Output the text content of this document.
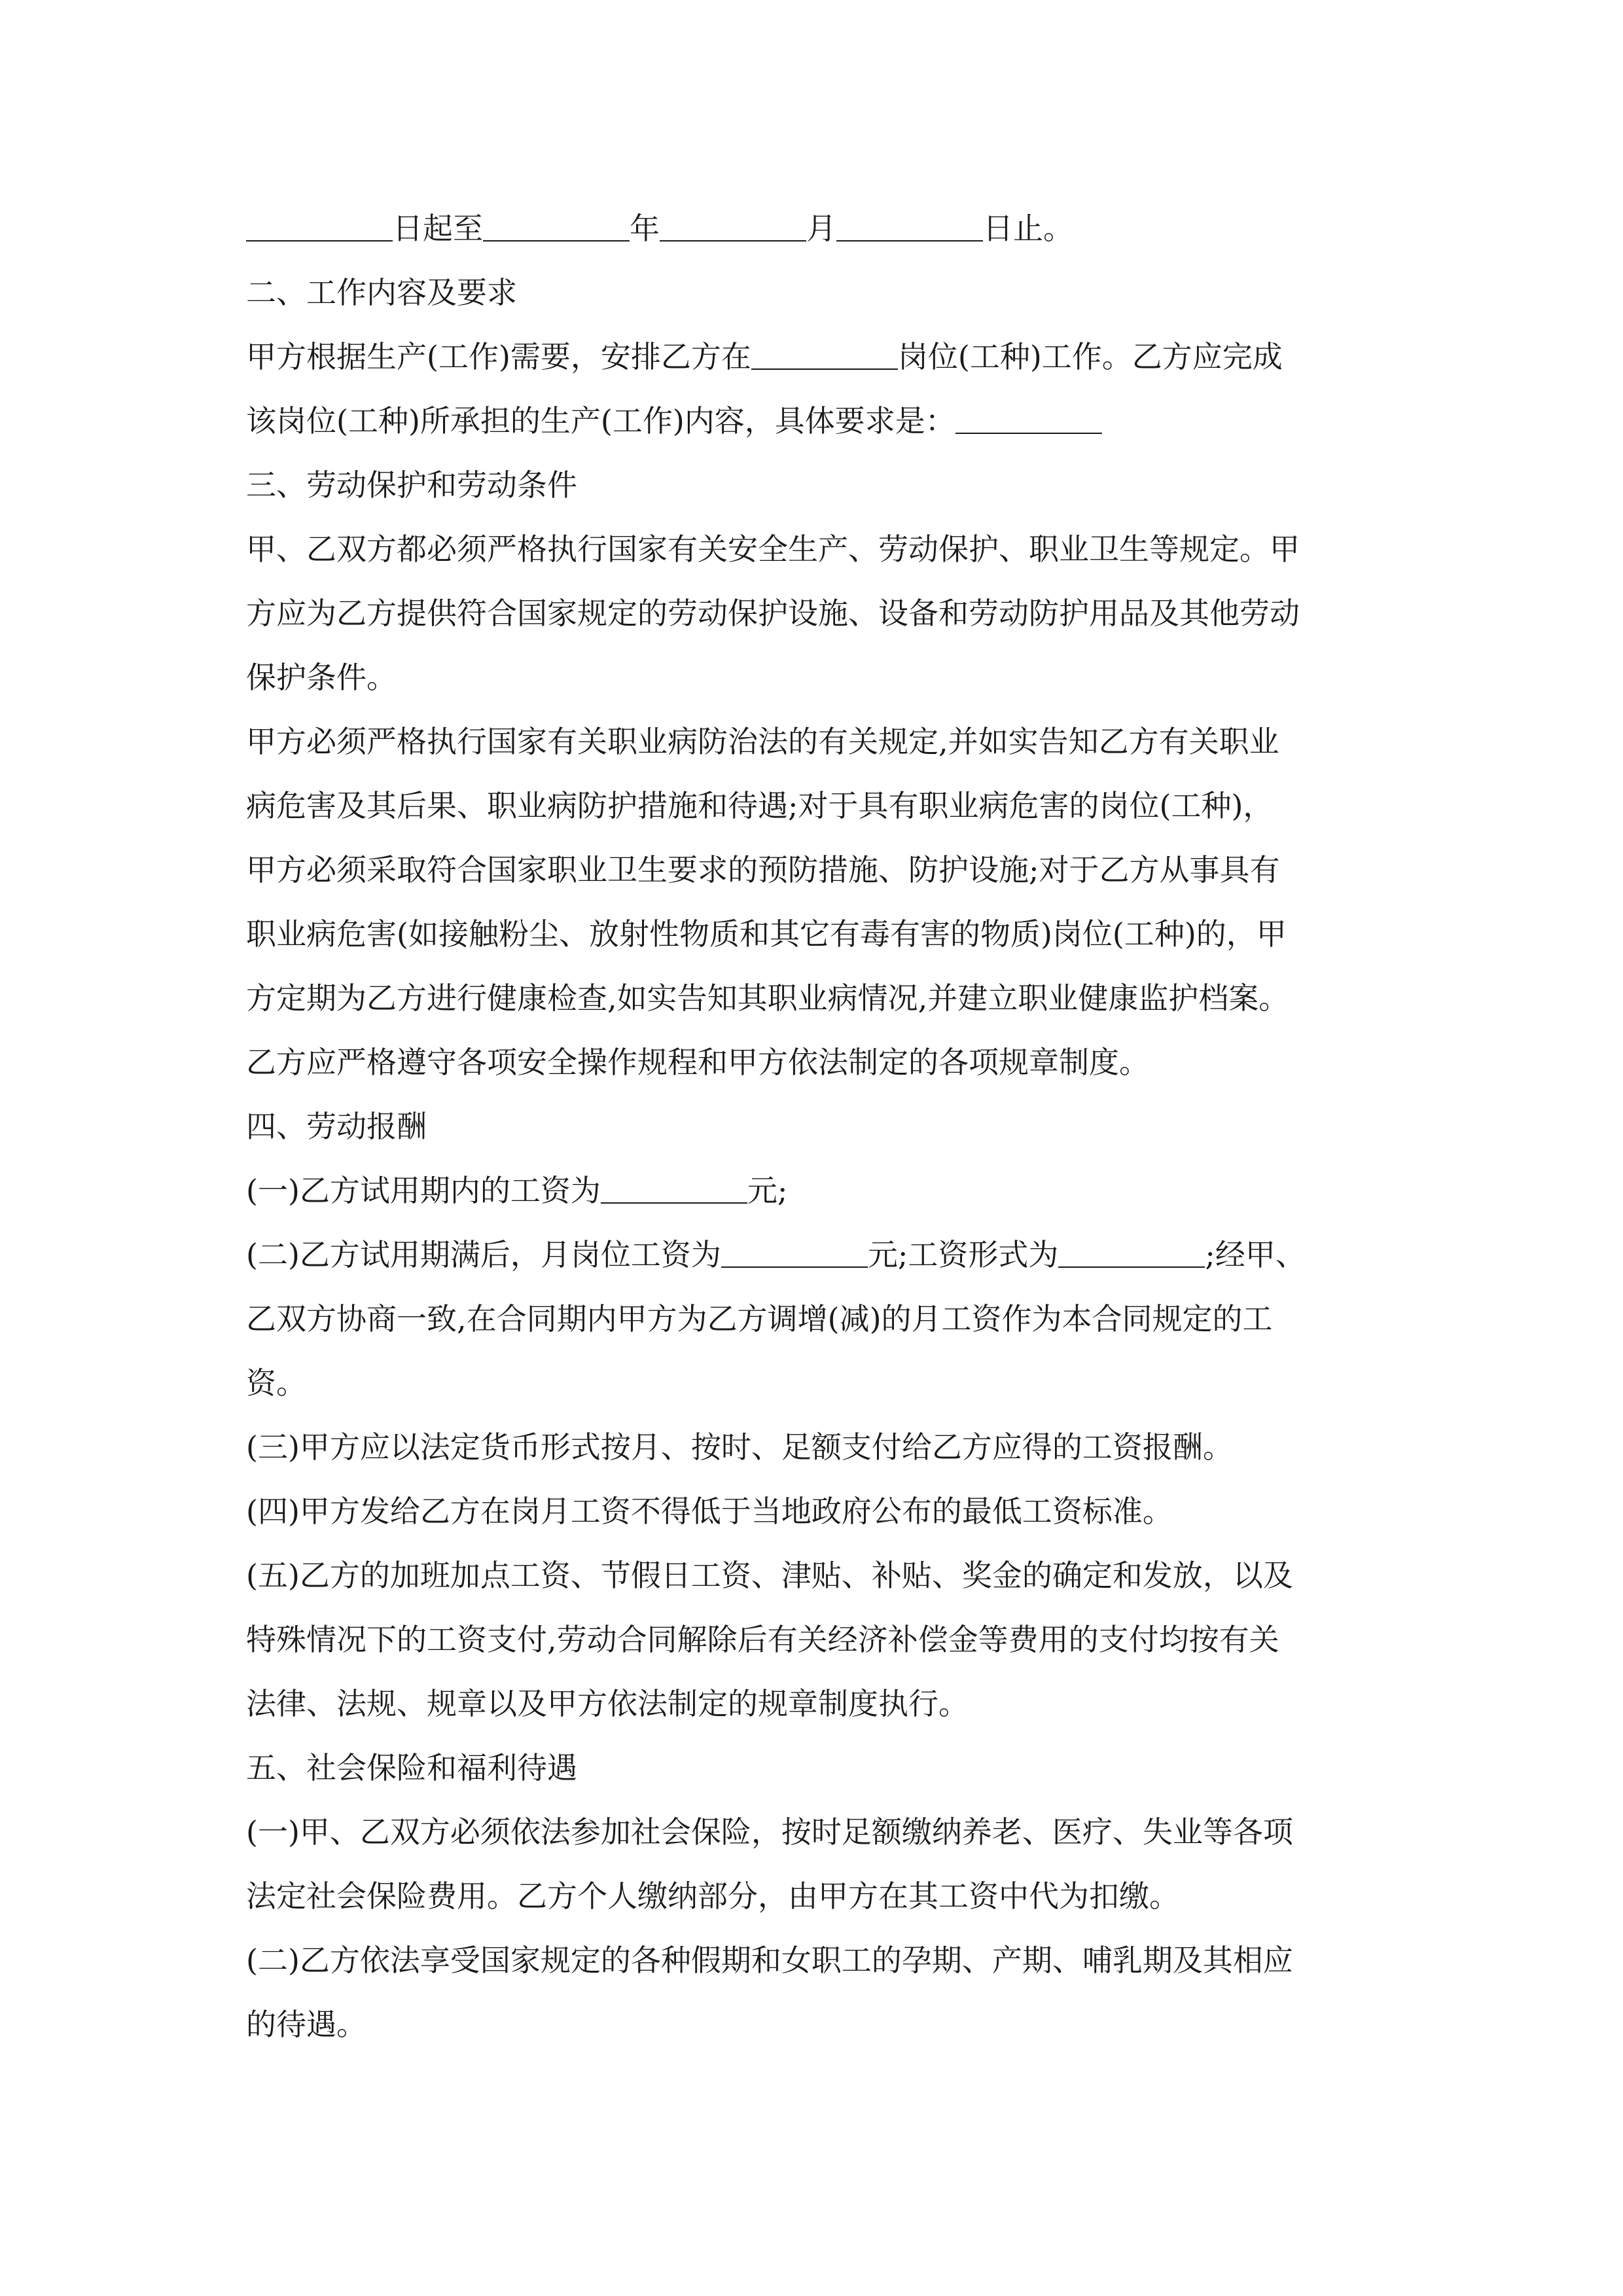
日起至	年	月	日止。
二、工作内容及要求
甲方根据生产(工作)需要，安排乙方在	岗位(工种)工作。乙方应完成
该岗位(工种)所承担的生产(工作)内容，具体要求是：
三、劳动保护和劳动条件
甲、乙双方都必须严格执行国家有关安全生产、劳动保护、职业卫生等规定。甲
方应为乙方提供符合国家规定的劳动保护设施、设备和劳动防护用品及其他劳动
保护条件。
甲方必须严格执行国家有关职业病防治法的有关规定,并如实告知乙方有关职业
病危害及其后果、职业病防护措施和待遇;对于具有职业病危害的岗位(工种)，
甲方必须采取符合国家职业卫生要求的预防措施、防护设施;对于乙方从事具有
职业病危害(如接触粉尘、放射性物质和其它有毒有害的物质)岗位(工种)的，甲
方定期为乙方进行健康检查,如实告知其职业病情况,并建立职业健康监护档案。
乙方应严格遵守各项安全操作规程和甲方依法制定的各项规章制度。
四、劳动报酬
(一)乙方试用期内的工资为	元;
(二)乙方试用期满后，月岗位工资为	元;工资形式为	;经甲、
乙双方协商一致,在合同期内甲方为乙方调增(减)的月工资作为本合同规定的工
资。
(三)甲方应以法定货币形式按月、按时、足额支付给乙方应得的工资报酬。
(四)甲方发给乙方在岗月工资不得低于当地政府公布的最低工资标准。
(五)乙方的加班加点工资、节假日工资、津贴、补贴、奖金的确定和发放，以及
特殊情况下的工资支付,劳动合同解除后有关经济补偿金等费用的支付均按有关
法律、法规、规章以及甲方依法制定的规章制度执行。
五、社会保险和福利待遇
(一)甲、乙双方必须依法参加社会保险，按时足额缴纳养老、医疗、失业等各项
法定社会保险费用。乙方个人缴纳部分，由甲方在其工资中代为扣缴。
(二)乙方依法享受国家规定的各种假期和女职工的孕期、产期、哺乳期及其相应
的待遇。
